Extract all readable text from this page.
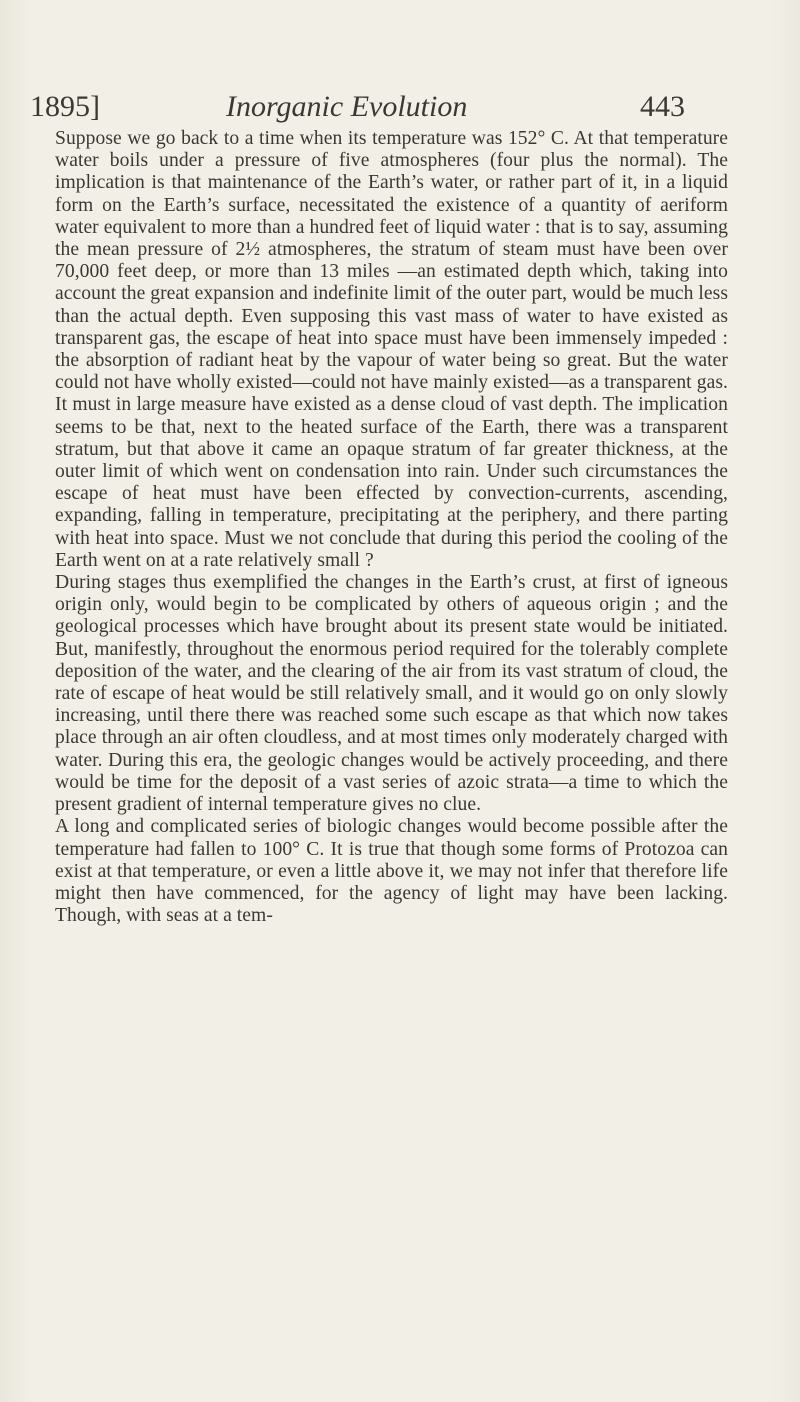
1895]	Inorganic Evolution	443

Suppose we go back to a time when its temperature was 152° C. At that temperature water boils under a pressure of five atmospheres (four plus the normal). The implication is that maintenance of the Earth’s water, or rather part of it, in a liquid form on the Earth’s surface, necessitated the existence of a quantity of aeriform water equivalent to more than a hundred feet of liquid water : that is to say, assuming the mean pressure of 2½ atmospheres, the stratum of steam must have been over 70,000 feet deep, or more than 13 miles —an estimated depth which, taking into account the great expansion and indefinite limit of the outer part, would be much less than the actual depth. Even supposing this vast mass of water to have existed as transparent gas, the escape of heat into space must have been immensely impeded : the absorption of radiant heat by the vapour of water being so great. But the water could not have wholly existed—could not have mainly existed—as a transparent gas. It must in large measure have existed as a dense cloud of vast depth. The implication seems to be that, next to the heated surface of the Earth, there was a transparent stratum, but that above it came an opaque stratum of far greater thickness, at the outer limit of which went on condensation into rain. Under such circumstances the escape of heat must have been effected by convection-currents, ascending, expanding, falling in temperature, precipitating at the periphery, and there parting with heat into space. Must we not conclude that during this period the cooling of the Earth went on at a rate relatively small ?

During stages thus exemplified the changes in the Earth’s crust, at first of igneous origin only, would begin to be complicated by others of aqueous origin ; and the geological processes which have brought about its present state would be initiated. But, manifestly, throughout the enormous period required for the tolerably complete deposition of the water, and the clearing of the air from its vast stratum of cloud, the rate of escape of heat would be still relatively small, and it would go on only slowly increasing, until there there was reached some such escape as that which now takes place through an air often cloudless, and at most times only moderately charged with water. During this era, the geologic changes would be actively proceeding, and there would be time for the deposit of a vast series of azoic strata—a time to which the present gradient of internal temperature gives no clue.

A long and complicated series of biologic changes would become possible after the temperature had fallen to 100° C. It is true that though some forms of Protozoa can exist at that temperature, or even a little above it, we may not infer that therefore life might then have commenced, for the agency of light may have been lacking. Though, with seas at a tem-
